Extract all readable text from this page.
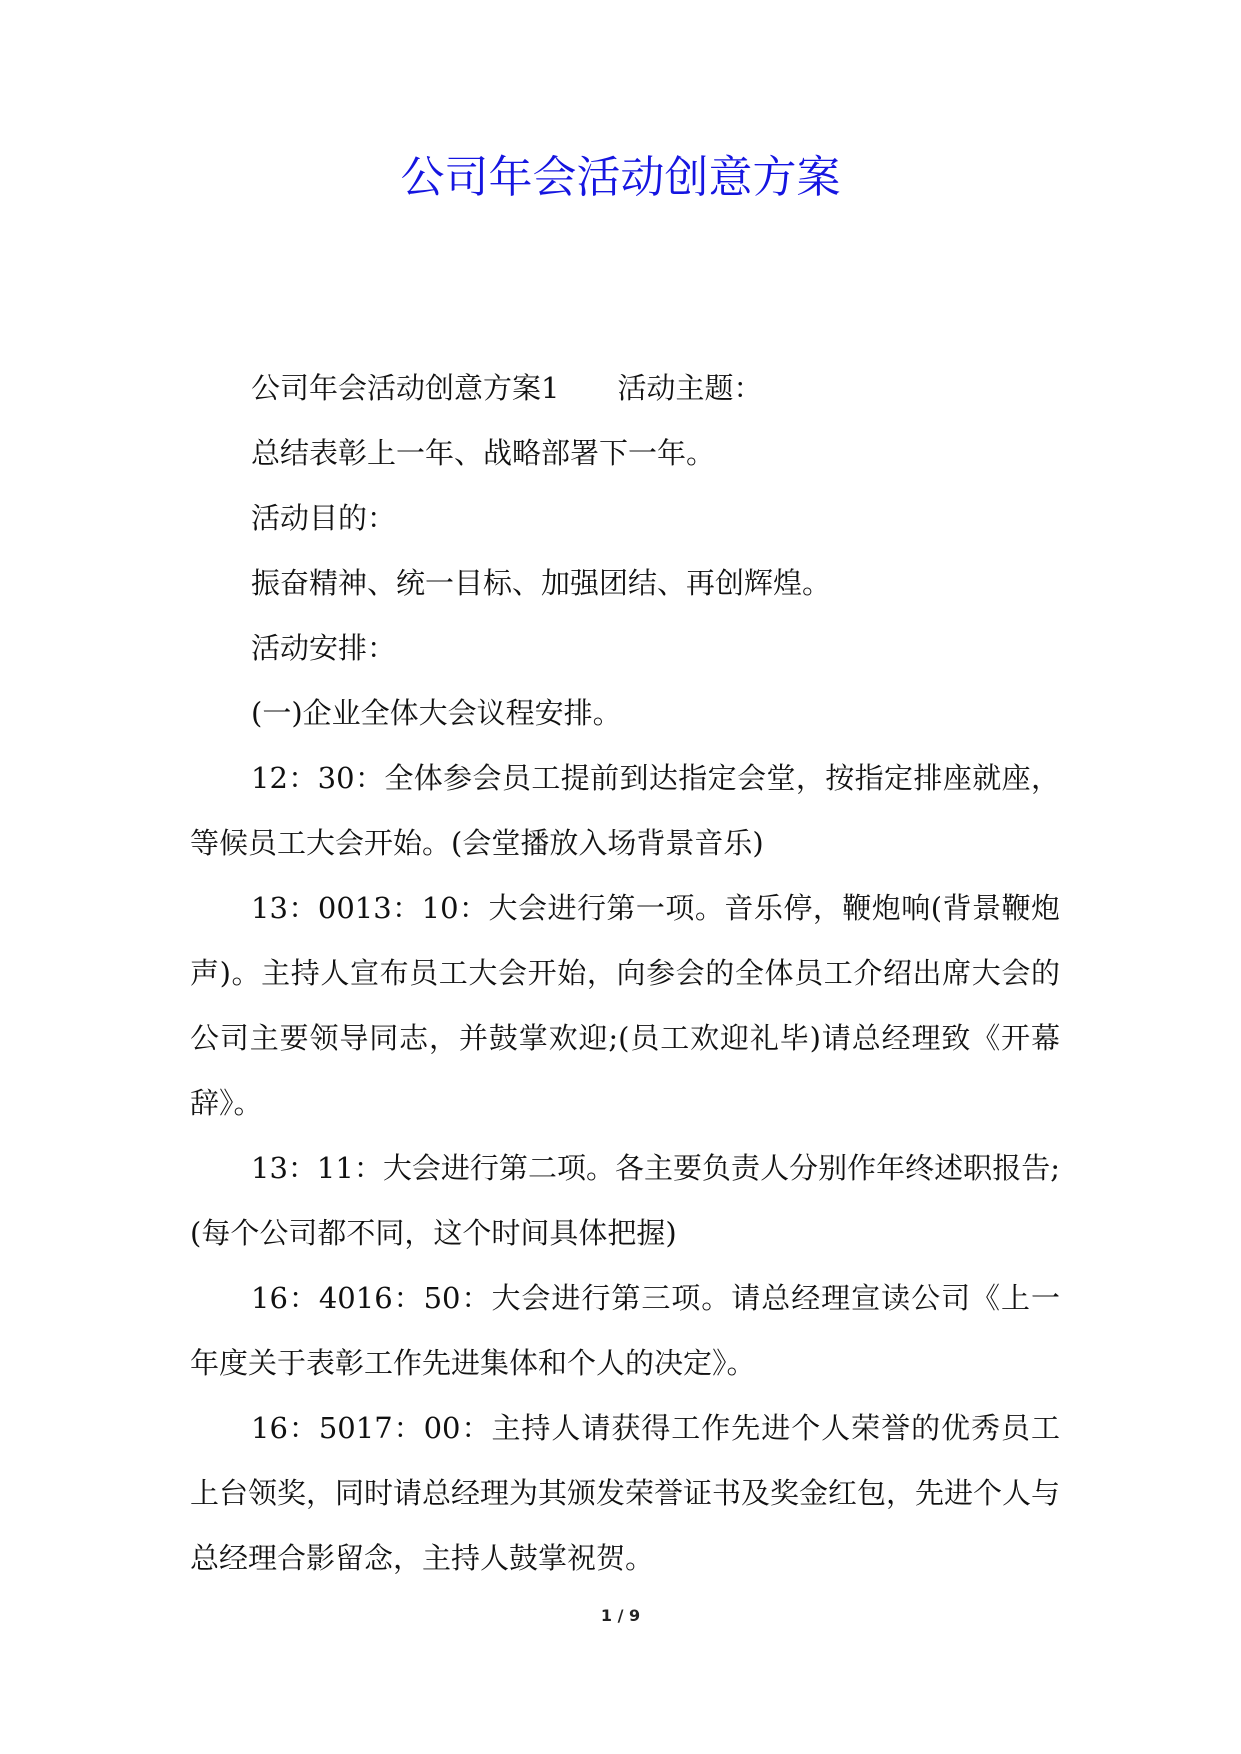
公司年会活动创意方案

公司年会活动创意方案1 活动主题：

总结表彰上一年、战略部署下一年。

活动目的：

振奋精神、统一目标、加强团结、再创辉煌。

活动安排：

(一)企业全体大会议程安排。

12：30：全体参会员工提前到达指定会堂，按指定排座就座，等候员工大会开始。(会堂播放入场背景音乐)

13：0013：10：大会进行第一项。音乐停，鞭炮响(背景鞭炮声)。主持人宣布员工大会开始，向参会的全体员工介绍出席大会的公司主要领导同志，并鼓掌欢迎;(员工欢迎礼毕)请总经理致《开幕辞》。

13：11：大会进行第二项。各主要负责人分别作年终述职报告;(每个公司都不同，这个时间具体把握)

16：4016：50：大会进行第三项。请总经理宣读公司《上一年度关于表彰工作先进集体和个人的决定》。

16：5017：00：主持人请获得工作先进个人荣誉的优秀员工上台领奖，同时请总经理为其颁发荣誉证书及奖金红包，先进个人与总经理合影留念，主持人鼓掌祝贺。

1 / 9
